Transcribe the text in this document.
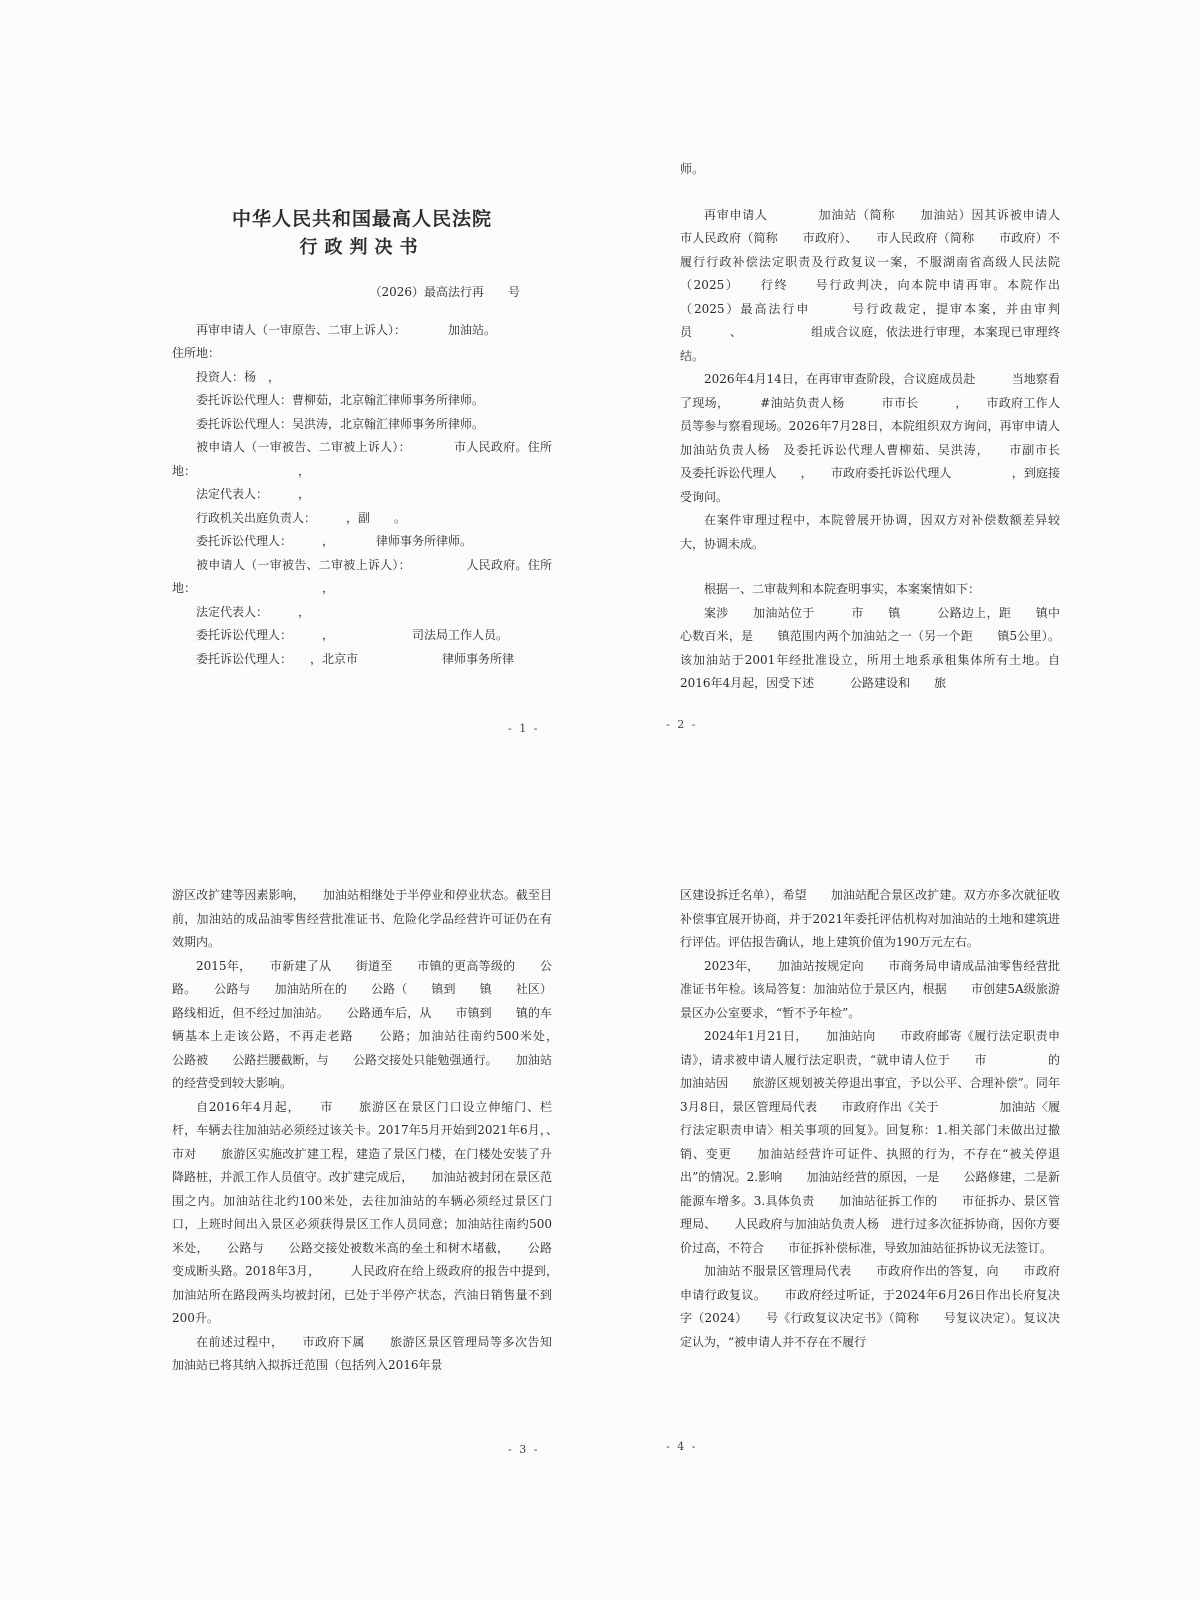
中华人民共和国最高人民法院
行政判决书
（2026）最高法行再　　号
再审申请人（一审原告、二审上诉人）：　　　　加油站。
住所地：
投资人：杨　，
委托诉讼代理人：曹柳茹，北京翰汇律师事务所律师。
委托诉讼代理人：吴洪涛，北京翰汇律师事务所律师。
被申请人（一审被告、二审被上诉人）：　　　　市人民政府。住所地：　　　　　　　　　，
法定代表人：　　　，
行政机关出庭负责人：　　　，副　　。
委托诉讼代理人：　　　，　　　　律师事务所律师。
被申请人（一审被告、二审被上诉人）：　　　　　人民政府。住所地：　　　　　　　　　　　，
法定代表人：　　　，
委托诉讼代理人：　　　，　　　　　　　司法局工作人员。
委托诉讼代理人：　　，北京市　　　　　　　律师事务所律
- 1 -
师。
再审申请人　　　　加油站（简称　　加油站）因其诉被申请人　　　　市人民政府（简称　　市政府）、　　市人民政府（简称　　市政府）不履行行政补偿法定职责及行政复议一案，不服湖南省高级人民法院（2025）　　行终　　号行政判决，向本院申请再审。本院作出（2025）最高法行申　　　号行政裁定，提审本案，并由审判员　　　、　　　　　　组成合议庭，依法进行审理，本案现已审理终结。
2026年4月14日，在再审审查阶段，合议庭成员赴　　　当地察看了现场，　　　#油站负责人杨　　　市市长　　　，　　市政府工作人员等参与察看现场。2026年7月28日，本院组织双方询问，再审申请人　　　加油站负责人杨　及委托诉讼代理人曹柳茹、吴洪涛，　　市副市长　　　及委托诉讼代理人　　，　　市政府委托诉讼代理人　　　　　，到庭接受询问。
在案件审理过程中，本院曾展开协调，因双方对补偿数额差异较大，协调未成。
根据一、二审裁判和本院查明事实，本案案情如下：
案涉　　加油站位于　　　市　　镇　　　公路边上，距　　镇中心数百米，是　　镇范围内两个加油站之一（另一个距　　镇5公里）。该加油站于2001年经批准设立，所用土地系承租集体所有土地。自2016年4月起，因受下述　　　公路建设和　　旅
- 2 -
游区改扩建等因素影响，　　加油站相继处于半停业和停业状态。截至目前，加油站的成品油零售经营批准证书、危险化学品经营许可证仍在有效期内。
2015年，　　市新建了从　　街道至　　市镇的更高等级的　　公路。　　公路与　　加油站所在的　　公路（　　镇到　　镇　　社区）路线相近，但不经过加油站。　　公路通车后，从　　市镇到　　镇的车辆基本上走该公路，不再走老路　　公路；加油站往南约500米处，　　公路被　　公路拦腰截断，与　　公路交接处只能勉强通行。　　加油站的经营受到较大影响。
自2016年4月起，　　市　　旅游区在景区门口设立伸缩门、栏杆，车辆去往加油站必须经过该关卡。2017年5月开始到2021年6月，、　　市对　　旅游区实施改扩建工程，建造了景区门楼，在门楼处安装了升降路桩，并派工作人员值守。改扩建完成后，　　加油站被封闭在景区范围之内。加油站往北约100米处，去往加油站的车辆必须经过景区门口，上班时间出入景区必须获得景区工作人员同意；加油站往南约500米处，　　公路与　　公路交接处被数米高的垒土和树木堵截，　　公路变成断头路。2018年3月，　　　人民政府在给上级政府的报告中提到，　　加油站所在路段两头均被封闭，已处于半停产状态，汽油日销售量不到200升。
在前述过程中，　　市政府下属　　旅游区景区管理局等多次告知　　加油站已将其纳入拟拆迁范围（包括列入2016年景
- 3 -
区建设拆迁名单），希望　　加油站配合景区改扩建。双方亦多次就征收补偿事宜展开协商，并于2021年委托评估机构对加油站的土地和建筑进行评估。评估报告确认，地上建筑价值为190万元左右。
2023年，　　加油站按规定向　　市商务局申请成品油零售经营批准证书年检。该局答复：加油站位于景区内，根据　　市创建5A级旅游景区办公室要求，“暂不予年检”。
2024年1月21日，　　加油站向　　市政府邮寄《履行法定职责申请》，请求被申请人履行法定职责，“就申请人位于　　市　　　　　的加油站因　　旅游区规划被关停退出事宜，予以公平、合理补偿”。同年3月8日，景区管理局代表　　市政府作出《关于　　　　　加油站〈履行法定职责申请〉相关事项的回复》。回复称：1.相关部门未做出过撤销、变更　　加油站经营许可证件、执照的行为，不存在“被关停退出”的情况。2.影响　　加油站经营的原因，一是　　公路修建，二是新能源车增多。3.具体负责　　加油站征拆工作的　　市征拆办、景区管理局、　　人民政府与加油站负责人杨　进行过多次征拆协商，因你方要价过高，不符合　　市征拆补偿标准，导致加油站征拆协议无法签订。
加油站不服景区管理局代表　　市政府作出的答复，向　　市政府申请行政复议。　　市政府经过听证，于2024年6月26日作出长府复决字（2024）　　号《行政复议决定书》（简称　　号复议决定）。复议决定认为，“被申请人并不存在不履行
- 4 -
